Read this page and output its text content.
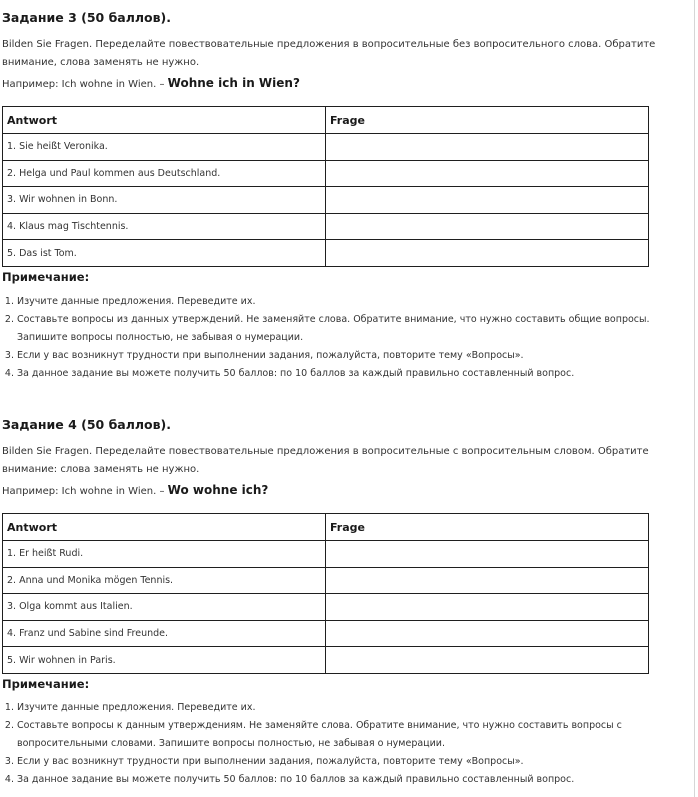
Задание 3 (50 баллов).

Bilden Sie Fragen. Переделайте повествовательные предложения в вопросительные без вопросительного слова. Обратите внимание, слова заменять не нужно.

Например: Ich wohne in Wien. – Wohne ich in Wien?

Antwort	Frage
1. Sie heißt Veronika.	
2. Helga und Paul kommen aus Deutschland.	
3. Wir wohnen in Bonn.	
4. Klaus mag Tischtennis.	
5. Das ist Tom.	

Примечание:

1. Изучите данные предложения. Переведите их.
2. Составьте вопросы из данных утверждений. Не заменяйте слова. Обратите внимание, что нужно составить общие вопросы. Запишите вопросы полностью, не забывая о нумерации.
3. Если у вас возникнут трудности при выполнении задания, пожалуйста, повторите тему «Вопросы».
4. За данное задание вы можете получить 50 баллов: по 10 баллов за каждый правильно составленный вопрос.
Задание 4 (50 баллов).

Bilden Sie Fragen. Переделайте повествовательные предложения в вопросительные с вопросительным словом. Обратите внимание: слова заменять не нужно.

Например: Ich wohne in Wien. – Wo wohne ich?

Antwort	Frage
1. Er heißt Rudi.	
2. Anna und Monika mögen Tennis.	
3. Olga kommt aus Italien.	
4. Franz und Sabine sind Freunde.	
5. Wir wohnen in Paris.	

Примечание:

1. Изучите данные предложения. Переведите их.
2. Составьте вопросы к данным утверждениям. Не заменяйте слова. Обратите внимание, что нужно составить вопросы с вопросительными словами. Запишите вопросы полностью, не забывая о нумерации.
3. Если у вас возникнут трудности при выполнении задания, пожалуйста, повторите тему «Вопросы».
4. За данное задание вы можете получить 50 баллов: по 10 баллов за каждый правильно составленный вопрос.
